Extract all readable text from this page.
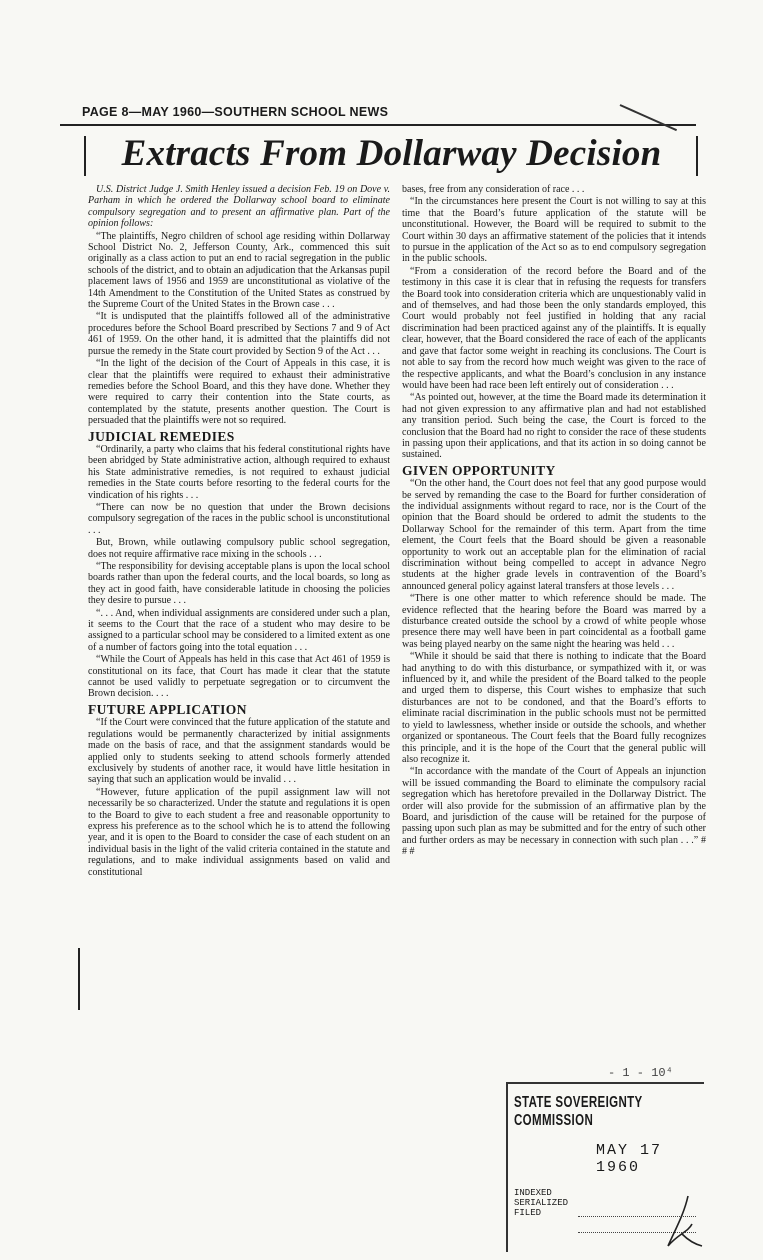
PAGE 8—MAY 1960—SOUTHERN SCHOOL NEWS
Extracts From Dollarway Decision

U.S. District Judge J. Smith Henley issued a decision Feb. 19 on Dove v. Parham in which he ordered the Dollarway school board to eliminate compulsory segregation and to present an affirmative plan. Part of the opinion follows:

“The plaintiffs, Negro children of school age residing within Dollarway School District No. 2, Jefferson County, Ark., commenced this suit originally as a class action to put an end to racial segregation in the public schools of the district, and to obtain an adjudication that the Arkansas pupil placement laws of 1956 and 1959 are unconstitutional as violative of the 14th Amendment to the Constitution of the United States as construed by the Supreme Court of the United States in the Brown case . . .

“It is undisputed that the plaintiffs followed all of the administrative procedures before the School Board prescribed by Sections 7 and 9 of Act 461 of 1959. On the other hand, it is admitted that the plaintiffs did not pursue the remedy in the State court provided by Section 9 of the Act . . .

“In the light of the decision of the Court of Appeals in this case, it is clear that the plaintiffs were required to exhaust their administrative remedies before the School Board, and this they have done. Whether they were required to carry their contention into the State courts, as contemplated by the statute, presents another question. The Court is persuaded that the plaintiffs were not so required.

JUDICIAL REMEDIES

“Ordinarily, a party who claims that his federal constitutional rights have been abridged by State administrative action, although required to exhaust his State administrative remedies, is not required to exhaust judicial remedies in the State courts before resorting to the federal courts for the vindication of his rights . . .

“There can now be no question that under the Brown decisions compulsory segregation of the races in the public school is unconstitutional . . .

But, Brown, while outlawing compulsory public school segregation, does not require affirmative race mixing in the schools . . .

“The responsibility for devising acceptable plans is upon the local school boards rather than upon the federal courts, and the local boards, so long as they act in good faith, have considerable latitude in choosing the policies they desire to pursue . . .

“. . . And, when individual assignments are considered under such a plan, it seems to the Court that the race of a student who may desire to be assigned to a particular school may be considered to a limited extent as one of a number of factors going into the total equation . . .

“While the Court of Appeals has held in this case that Act 461 of 1959 is constitutional on its face, that Court has made it clear that the statute cannot be used validly to perpetuate segregation or to circumvent the Brown decision. . . .

FUTURE APPLICATION

“If the Court were convinced that the future application of the statute and regulations would be permanently characterized by initial assignments made on the basis of race, and that the assignment standards would be applied only to students seeking to attend schools formerly attended exclusively by students of another race, it would have little hesitation in saying that such an application would be invalid . . .

“However, future application of the pupil assignment law will not necessarily be so characterized. Under the statute and regulations it is open to the Board to give to each student a free and reasonable opportunity to express his preference as to the school which he is to attend the following year, and it is open to the Board to consider the case of each student on an individual basis in the light of the valid criteria contained in the statute and regulations, and to make individual assignments based on valid and constitutional

bases, free from any consideration of race . . .

“In the circumstances here present the Court is not willing to say at this time that the Board’s future application of the statute will be unconstitutional. However, the Board will be required to submit to the Court within 30 days an affirmative statement of the policies that it intends to pursue in the application of the Act so as to end compulsory segregation in the public schools.

“From a consideration of the record before the Board and of the testimony in this case it is clear that in refusing the requests for transfers the Board took into consideration criteria which are unquestionably valid in and of themselves, and had those been the only standards employed, this Court would probably not feel justified in holding that any racial discrimination had been practiced against any of the plaintiffs. It is equally clear, however, that the Board considered the race of each of the applicants and gave that factor some weight in reaching its conclusions. The Court is not able to say from the record how much weight was given to the race of the respective applicants, and what the Board’s conclusion in any instance would have been had race been left entirely out of consideration . . .

“As pointed out, however, at the time the Board made its determination it had not given expression to any affirmative plan and had not established any transition period. Such being the case, the Court is forced to the conclusion that the Board had no right to consider the race of these students in passing upon their applications, and that its action in so doing cannot be sustained.

GIVEN OPPORTUNITY

“On the other hand, the Court does not feel that any good purpose would be served by remanding the case to the Board for further consideration of the individual assignments without regard to race, nor is the Court of the opinion that the Board should be ordered to admit the students to the Dollarway School for the remainder of this term. Apart from the time element, the Court feels that the Board should be given a reasonable opportunity to work out an acceptable plan for the elimination of racial discrimination without being compelled to accept in advance Negro students at the higher grade levels in contravention of the Board’s announced general policy against lateral transfers at those levels . . .

“There is one other matter to which reference should be made. The evidence reflected that the hearing before the Board was marred by a disturbance created outside the school by a crowd of white people whose presence there may well have been in part coincidental as a football game was being played nearby on the same night the hearing was held . . .

“While it should be said that there is nothing to indicate that the Board had anything to do with this disturbance, or sympathized with it, or was influenced by it, and while the president of the Board talked to the people and urged them to disperse, this Court wishes to emphasize that such disturbances are not to be condoned, and that the Board’s efforts to eliminate racial discrimination in the public schools must not be permitted to yield to lawlessness, whether inside or outside the schools, and whether organized or spontaneous. The Court feels that the Board fully recognizes this principle, and it is the hope of the Court that the general public will also recognize it.

“In accordance with the mandate of the Court of Appeals an injunction will be issued commanding the Board to eliminate the compulsory racial segregation which has heretofore prevailed in the Dollarway District. The order will also provide for the submission of an affirmative plan by the Board, and jurisdiction of the cause will be retained for the purpose of passing upon such plan as may be submitted and for the entry of such other and further orders as may be necessary in connection with such plan . . .” # # #

- 1 - 10⁴
STATE SOVEREIGNTY COMMISSION
MAY 17 1960
INDEXED
SERIALIZED
FILED
